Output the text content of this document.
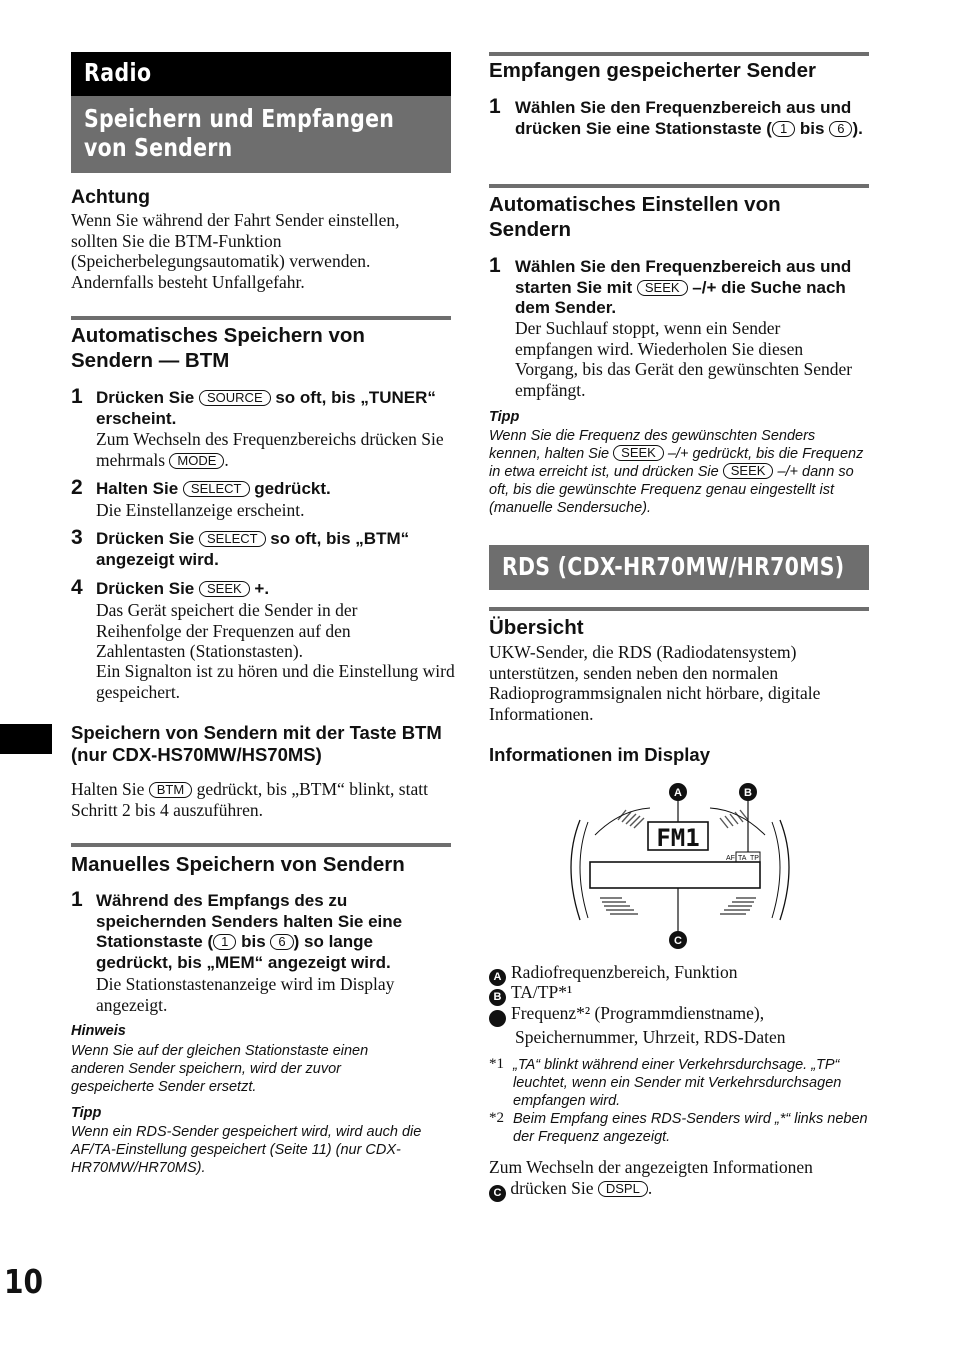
Radio
Speichern und Empfangen von Sendern
Achtung
Wenn Sie während der Fahrt Sender einstellen, sollten Sie die BTM-Funktion (Speicherbelegungsautomatik) verwenden. Andernfalls besteht Unfallgefahr.
Automatisches Speichern von Sendern — BTM
1 Drücken Sie SOURCE so oft, bis „TUNER“ erscheint.
Zum Wechseln des Frequenzbereichs drücken Sie mehrmals MODE .
2 Halten Sie SELECT gedrückt.
Die Einstellanzeige erscheint.
3 Drücken Sie SELECT so oft, bis „BTM“ angezeigt wird.
4 Drücken Sie SEEK +.
Das Gerät speichert die Sender in der Reihenfolge der Frequenzen auf den Zahlentasten (Stationstasten).
Ein Signalton ist zu hören und die Einstellung wird gespeichert.
Speichern von Sendern mit der Taste BTM (nur CDX-HS70MW/HS70MS)
Halten Sie BTM gedrückt, bis „BTM“ blinkt, statt Schritt 2 bis 4 auszuführen.
Manuelles Speichern von Sendern
1 Während des Empfangs des zu speichernden Senders halten Sie eine Stationstaste ( 1 bis 6 ) so lange gedrückt, bis „MEM“ angezeigt wird.
Die Stationstastenanzeige wird im Display angezeigt.
Hinweis
Wenn Sie auf der gleichen Stationstaste einen anderen Sender speichern, wird der zuvor gespeicherte Sender ersetzt.
Tipp
Wenn ein RDS-Sender gespeichert wird, wird auch die AF/TA-Einstellung gespeichert (Seite 11) (nur CDX-HR70MW/HR70MS).
10
Empfangen gespeicherter Sender
1 Wählen Sie den Frequenzbereich aus und drücken Sie eine Stationstaste ( 1 bis 6 ).
Automatisches Einstellen von Sendern
1 Wählen Sie den Frequenzbereich aus und starten Sie mit SEEK –/+ die Suche nach dem Sender.
Der Suchlauf stoppt, wenn ein Sender empfangen wird. Wiederholen Sie diesen Vorgang, bis das Gerät den gewünschten Sender empfängt.
Tipp
Wenn Sie die Frequenz des gewünschten Senders kennen, halten Sie SEEK –/+ gedrückt, bis die Frequenz in etwa erreicht ist, und drücken Sie SEEK –/+ dann so oft, bis die gewünschte Frequenz genau eingestellt ist (manuelle Sendersuche).
RDS (CDX-HR70MW/HR70MS)
Übersicht
UKW-Sender, die RDS (Radiodatensystem) unterstützen, senden neben den normalen Radioprogrammsignalen nicht hörbare, digitale Informationen.
Informationen im Display
FM1
AF TA TP
A	B
C
A Radiofrequenzbereich, Funktion
B TA/TP*¹
C Frequenz*² (Programmdienstname), Speichernummer, Uhrzeit, RDS-Daten
*1 „TA“ blinkt während einer Verkehrsdurchsage. „TP“ leuchtet, wenn ein Sender mit Verkehrsdurchsagen empfangen wird.
*2 Beim Empfang eines RDS-Senders wird „*“ links neben der Frequenz angezeigt.
Zum Wechseln der angezeigten Informationen
C drücken Sie DSPL .
